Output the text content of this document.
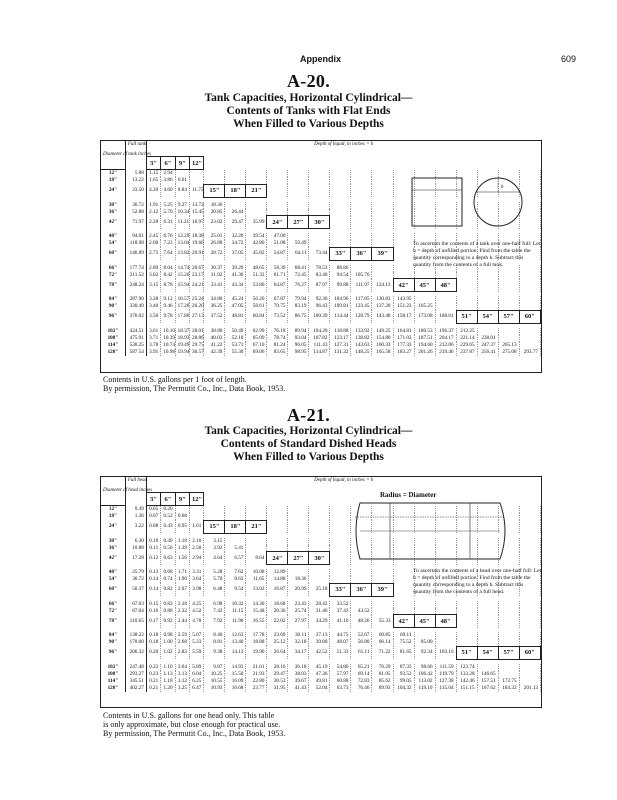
Appendix	609
A-20.
Tank Capacities, Horizontal Cylindrical—
Contents of Tanks with Flat Ends
When Filled to Various Depths
Diameter of tank inches	Full tank	Depth of liquid, in inches = h																			
		3"	6"	9"	12"																
12"	5.88	1.15	2.94																		
18"	13.22	1.65	3.86	6.61																	
24"	23.50	4.20	4.60	8.84	11.75	15"	18"	21"													

30"	36.72	1.91	5.25	9.27	13.72	18.36															
36"	52.88	2.12	5.70	10.34	15.45	20.85	26.44														
42"	71.97	2.28	6.31	11.31	16.97	23.02	29.47	35.99	24"	27"	30"										

48"	94.01	2.45	6.76	12.29	18.38	25.01	32.20	39.54	47.00												
54"	118.98	2.60	7.22	13.04	19.66	26.80	34.72	42.80	51.08	59.49											
60"	146.89	2.75	7.64	13.82	20.91	28.72	37.05	45.82	54.87	64.11	73.44	33"	36"	39"							

66"	177.74	2.89	8.04	14.74	20.67	30.37	39.29	48.65	58.39	68.41	78.53	88.86									
72"	211.52	3.02	8.42	15.26	23.17	31.92	41.36	51.32	61.71	72.45	83.40	94.54	105.76								
78"	248.24	3.15	8.78	15.94	24.21	33.41	43.34	53.80	64.87	76.27	87.97	99.88	111.97	124.13	42"	45"	48"				

84"	287.90	3.28	9.12	16.57	25.24	34.80	45.24	56.20	67.87	79.94	92.30	104.96	117.85	130.83	143.95						
90"	330.49	3.40	9.46	17.26	26.20	36.25	47.05	58.61	70.75	83.19	96.43	109.81	123.45	137.28	151.23	165.25					
96"	376.02	3.50	9.78	17.86	27.13	37.52	48.81	60.84	73.52	86.75	100.39	114.44	128.79	143.40	158.17	173.08	188.01	51"	54"	57"	60"

102"	424.51	3.61	10.10	18.37	28.01	38.80	50.49	62.99	76.18	89.94	104.20	118.88	133.92	149.25	164.81	180.53	196.37	212.25			
108"	475.91	3.71	10.39	18.93	28.86	40.03	52.10	65.09	78.74	93.04	107.82	123.17	138.82	154.80	171.03	187.51	204.17	221.14	238.01		
114"	530.25	3.78	10.74	19.49	29.75	41.22	53.71	67.10	81.24	96.05	111.43	127.31	143.63	160.33	177.33	194.60	212.06	229.65	247.37	265.13	
120"	587.54	3.91	10.98	19.94	30.57	42.39	55.30	69.06	83.65	98.95	114.87	131.32	148.25	165.58	183.27	201.26	219.46	237.87	256.41	275.08	293.77
h
To ascertain the contents of a tank over one-half full: Let h = depth of unfilled portion. Find from the table the quantity corresponding to a depth h. Subtract this quantity from the contents of a full tank.
Contents in U.S. gallons per 1 foot of length.
By permission, The Permutit Co., Inc., Data Book, 1953.
A-21.
Tank Capacities, Horizontal Cylindrical—
Contents of Standard Dished Heads
When Filled to Various Depths
Diameter of head inches	Full head	Depth of liquid, in inches = h																			
		3"	6"	9"	12"																
12"	0.49	0.05	0.20																		
18"	1.36	0.07	0.52	0.68																	
24"	3.22	0.08	0.43	0.95	1.61	15"	18"	21"													

30"	6.30	0.10	0.49	1.18	2.10	3.15															
36"	10.88	0.11	0.56	1.39	2.58	3.92	5.41														
42"	17.28	0.12	0.63	1.56	2.94	4.64	6.57	8.64	24"	27"	30"										

48"	25.79	0.13	0.68	1.71	3.31	5.28	7.62	10.08	12.89												
54"	36.72	0.14	0.74	1.90	3.64	5.70	8.63	11.65	14.88	18.36											
60"	50.37	0.14	0.82	2.07	3.98	6.48	9.54	13.02	16.87	20.99	25.18	33"	36"	39"							

66"	67.03	0.15	0.83	2.18	4.25	6.98	10.32	14.30	18.68	23.43	28.42	33.52									
72"	87.04	0.16	0.88	2.32	4.52	7.42	11.15	15.48	20.36	25.74	31.46	37.43	43.52								
78"	110.65	0.17	0.92	2.44	4.78	7.92	11.90	16.55	22.02	27.97	34.29	41.16	48.26	55.33	42"	45"	48"				

84"	138.22	0.18	0.98	2.59	5.07	8.40	12.63	17.78	23.69	30.11	37.13	44.75	52.67	60.85	69.11						
90"	170.00	0.18	1.00	2.68	5.33	8.81	13.40	18.88	25.12	32.18	39.80	48.07	56.80	66.14	75.52	85.00					
96"	206.32	0.20	1.02	2.83	5.59	9.38	14.13	19.90	26.64	34.17	42.52	51.33	61.11	71.22	81.65	92.34	103.16	51"	54"	57"	60"

102"	247.48	0.22	1.10	3.04	5.89	9.87	14.93	21.01	28.16	36.18	45.19	54.86	65.21	76.29	87.33	98.66	111.59	123.74			
108"	293.27	0.23	1.13	3.13	6.04	10.25	15.50	21.93	29.47	38.03	47.36	57.97	69.14	81.05	93.53	106.42	119.79	133.28	146.65		
114"	345.51	0.21	1.18	3.12	6.25	10.55	16.09	22.80	30.53	39.67	49.81	60.88	72.83	85.62	99.05	113.02	127.38	142.46	157.51	172.75	
120"	402.27	0.21	1.20	3.25	6.47	10.93	16.68	23.77	31.95	41.43	52.04	63.73	76.46	89.93	104.32	119.10	135.04	151.15	167.62	184.32	201.13
Radius = Diameter
To ascertain the contents of a head over one-half full: Let h = depth of unfilled portion. Find from the table the quantity corresponding to a depth h. Subtract this quantity from the contents of a full head.
Contents in U.S. gallons for one head only. This table
is only approximate, but close enough for practical use.
By permission, The Permutit Co., Inc., Data Book, 1953.
